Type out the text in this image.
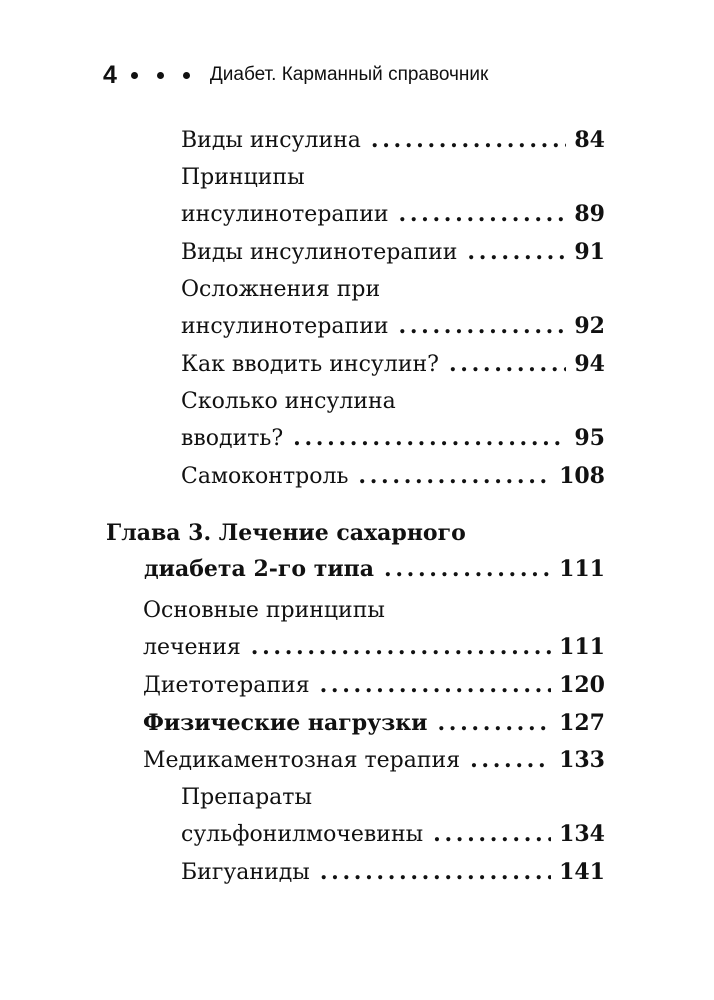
4	Диабет. Карманный справочник
Виды инсулина . . .	84
Принципы
инсулинотерапии . . .	89
Виды инсулинотерапии . . .	91
Осложнения при
инсулинотерапии . . .	92
Как вводить инсулин? . . .	94
Сколько инсулина
вводить? . . .	95
Самоконтроль . . .	108
Глава 3. Лечение сахарного
диабета 2-го типа . . .	111
Основные принципы
лечения . . .	111
Диетотерапия . . .	120
Физические нагрузки . . .	127
Медикаментозная терапия . . .	133
Препараты
сульфонилмочевины . . .	134
Бигуаниды . . .	141
